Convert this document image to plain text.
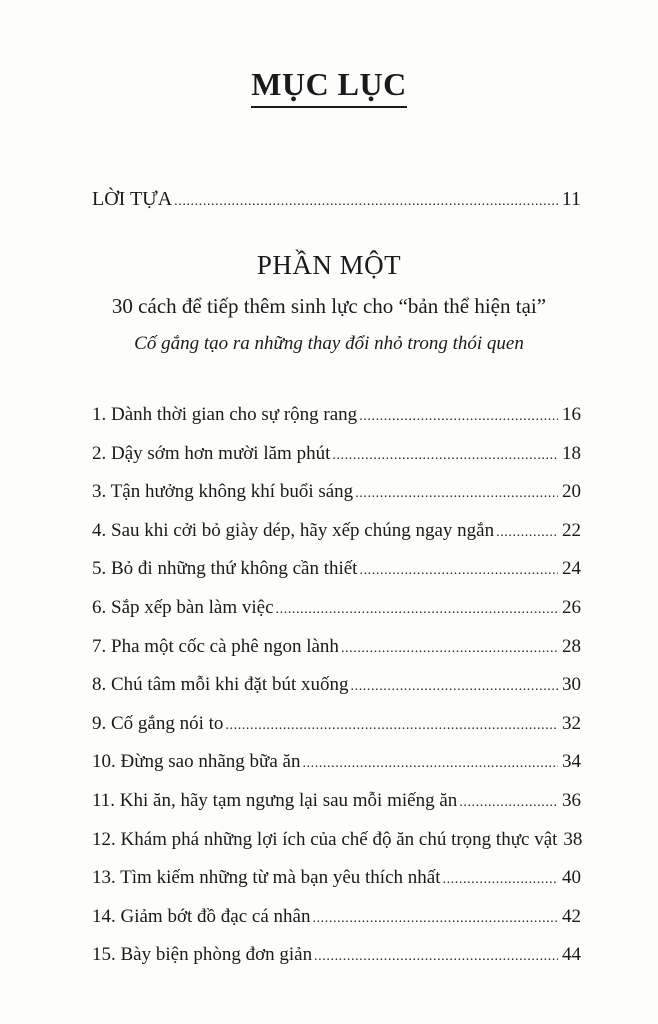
MỤC LỤC
LỜI TỰA .....	11
PHẦN MỘT
30 cách để tiếp thêm sinh lực cho “bản thể hiện tại”
Cố gắng tạo ra những thay đổi nhỏ trong thói quen
1. Dành thời gian cho sự rộng rang .....	16
2. Dậy sớm hơn mười lăm phút .....	18
3. Tận hưởng không khí buổi sáng .....	20
4. Sau khi cởi bỏ giày dép, hãy xếp chúng ngay ngắn .....	22
5. Bỏ đi những thứ không cần thiết .....	24
6. Sắp xếp bàn làm việc .....	26
7. Pha một cốc cà phê ngon lành .....	28
8. Chú tâm mỗi khi đặt bút xuống .....	30
9. Cố gắng nói to .....	32
10. Đừng sao nhãng bữa ăn .....	34
11. Khi ăn, hãy tạm ngưng lại sau mỗi miếng ăn .....	36
12. Khám phá những lợi ích của chế độ ăn chú trọng thực vật 38
13. Tìm kiếm những từ mà bạn yêu thích nhất .....	40
14. Giảm bớt đồ đạc cá nhân .....	42
15. Bày biện phòng đơn giản .....	44
